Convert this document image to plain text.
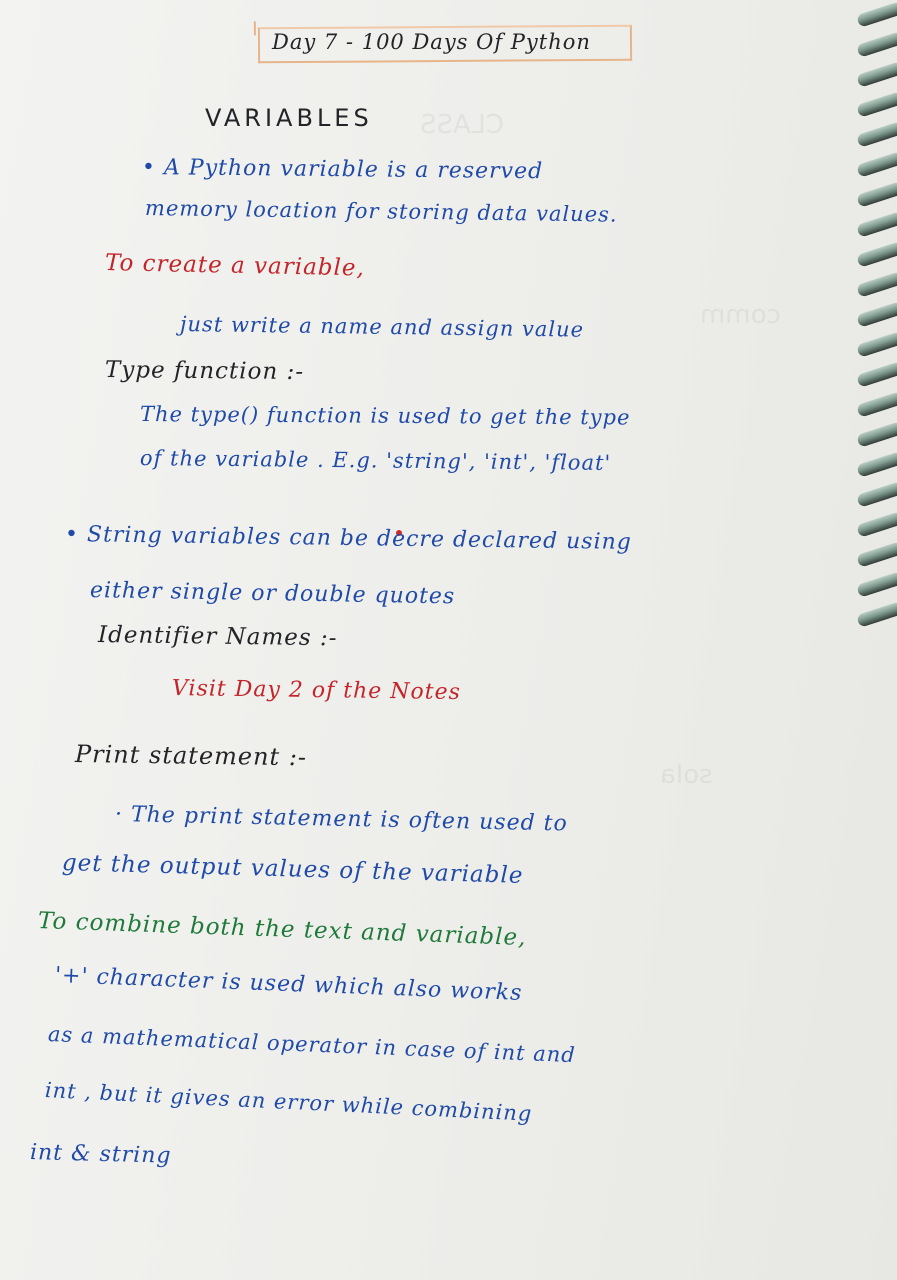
CLASS
comm
sola
Day 7 - 100 Days Of Python
VARIABLES
• A Python variable is a reserved
memory location for storing data values.
To create a variable,
just write a name and assign value
Type function :-
The type() function is used to get the type
of the variable . E.g. 'string', 'int', 'float'
• String variables can be decre declared using
either single or double quotes
Identifier Names :-
Visit Day 2 of the Notes
Print statement :-
· The print statement is often used to
get the output values of the variable
To combine both the text and variable,
'+' character is used which also works
as a mathematical operator in case of int and
int , but it gives an error while combining
int & string
